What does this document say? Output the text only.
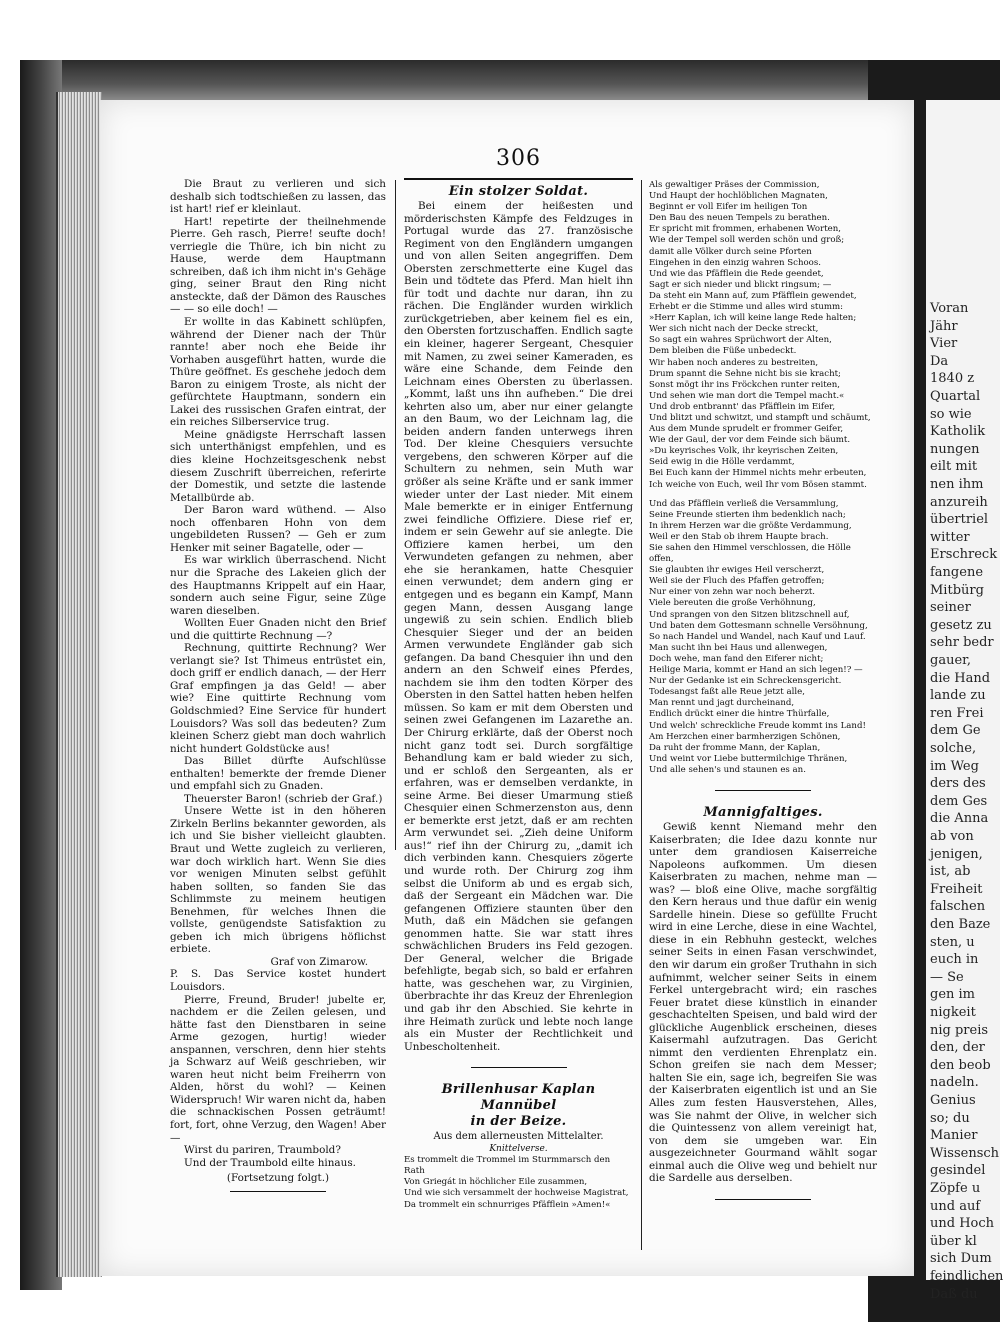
Voran
Jähr
Vier
Da
1840 z
Quartal
so wie
Katholik
nungen
eilt mit
nen ihm
anzureih
übertriel
witter
Erschreck
fangene
Mitbürg
seiner
gesetz zu
sehr bedr
gauer,
die Hand
lande zu
ren Frei
dem Ge
solche,
im Weg
ders des
dem Ges
die Anna
ab von
jenigen,
ist, ab
Freiheit
falschen
den Baze
sten, u
euch in
— Se
gen im
nigkeit
nig preis
den, der
den beob
nadeln.
Genius
so; du
Manier
Wissensch
gesindel
Zöpfe u
und auf
und Hoch
über kl
sich Dum
feindlichen
Daß du
306

Die Braut zu verlieren und sich deshalb sich todtschießen zu lassen, das ist hart! rief er kleinlaut.

Hart! repetirte der theilnehmende Pierre. Geh rasch, Pierre! seufte doch! verriegle die Thüre, ich bin nicht zu Hause, werde dem Hauptmann schreiben, daß ich ihm nicht in's Gehäge ging, seiner Braut den Ring nicht ansteckte, daß der Dämon des Rausches — — so eile doch! —

Er wollte in das Kabinett schlüpfen, während der Diener nach der Thür rannte! aber noch ehe Beide ihr Vorhaben ausgeführt hatten, wurde die Thüre geöffnet. Es geschehe jedoch dem Baron zu einigem Troste, als nicht der gefürchtete Hauptmann, sondern ein Lakei des russischen Grafen eintrat, der ein reiches Silberservice trug.

Meine gnädigste Herrschaft lassen sich unterthänigst empfehlen, und es dies kleine Hochzeitsgeschenk nebst diesem Zuschrift überreichen, referirte der Domestik, und setzte die lastende Metallbürde ab.

Der Baron ward wüthend. — Also noch offenbaren Hohn von dem ungebildeten Russen? — Geh er zum Henker mit seiner Bagatelle, oder —

Es war wirklich überraschend. Nicht nur die Sprache des Lakeien glich der des Hauptmanns Krippelt auf ein Haar, sondern auch seine Figur, seine Züge waren dieselben.

Wollten Euer Gnaden nicht den Brief und die quittirte Rechnung —?

Rechnung, quittirte Rechnung? Wer verlangt sie? Ist Thimeus entrüstet ein, doch griff er endlich danach, — der Herr Graf empfingen ja das Geld! — aber wie? Eine quittirte Rechnung vom Goldschmied? Eine Service für hundert Louisdors? Was soll das bedeuten? Zum kleinen Scherz giebt man doch wahrlich nicht hundert Goldstücke aus!

Das Billet dürfte Aufschlüsse enthalten! bemerkte der fremde Diener und empfahl sich zu Gnaden.

Theuerster Baron! (schrieb der Graf.)

Unsere Wette ist in den höheren Zirkeln Berlins bekannter geworden, als ich und Sie bisher vielleicht glaubten. Braut und Wette zugleich zu verlieren, war doch wirklich hart. Wenn Sie dies vor wenigen Minuten selbst gefühlt haben sollten, so fanden Sie das Schlimmste zu meinem heutigen Benehmen, für welches Ihnen die vollste, genügendste Satisfaktion zu geben ich mich übrigens höflichst erbiete.

Graf von Zimarow.

P. S. Das Service kostet hundert Louisdors.

Pierre, Freund, Bruder! jubelte er, nachdem er die Zeilen gelesen, und hätte fast den Dienstbaren in seine Arme gezogen, hurtig! wieder anspannen, verschren, denn hier stehts ja Schwarz auf Weiß geschrieben, wir waren heut nicht beim Freiherrn von Alden, hörst du wohl? — Keinen Widerspruch! Wir waren nicht da, haben die schnackischen Possen geträumt! fort, fort, ohne Verzug, den Wagen! Aber —

Wirst du pariren, Traumbold?

Und der Traumbold eilte hinaus.

(Fortsetzung folgt.)

Ein stolzer Soldat.

Bei einem der heißesten und mörderischsten Kämpfe des Feldzuges in Portugal wurde das 27. französische Regiment von den Engländern umgangen und von allen Seiten angegriffen. Dem Obersten zerschmetterte eine Kugel das Bein und tödtete das Pferd. Man hielt ihn für todt und dachte nur daran, ihn zu rächen. Die Engländer wurden wirklich zurückgetrieben, aber keinem fiel es ein, den Obersten fortzuschaffen. Endlich sagte ein kleiner, hagerer Sergeant, Chesquier mit Namen, zu zwei seiner Kameraden, es wäre eine Schande, dem Feinde den Leichnam eines Obersten zu überlassen. „Kommt, laßt uns ihn aufheben.“ Die drei kehrten also um, aber nur einer gelangte an den Baum, wo der Leichnam lag, die beiden andern fanden unterwegs ihren Tod. Der kleine Chesquiers versuchte vergebens, den schweren Körper auf die Schultern zu nehmen, sein Muth war größer als seine Kräfte und er sank immer wieder unter der Last nieder. Mit einem Male bemerkte er in einiger Entfernung zwei feindliche Offiziere. Diese rief er, indem er sein Gewehr auf sie anlegte. Die Offiziere kamen herbei, um den Verwundeten gefangen zu nehmen, aber ehe sie herankamen, hatte Chesquier einen verwundet; dem andern ging er entgegen und es begann ein Kampf, Mann gegen Mann, dessen Ausgang lange ungewiß zu sein schien. Endlich blieb Chesquier Sieger und der an beiden Armen verwundete Engländer gab sich gefangen. Da band Chesquier ihn und den andern an den Schweif eines Pferdes, nachdem sie ihm den todten Körper des Obersten in den Sattel hatten heben helfen müssen. So kam er mit dem Obersten und seinen zwei Gefangenen im Lazarethe an. Der Chirurg erklärte, daß der Oberst noch nicht ganz todt sei. Durch sorgfältige Behandlung kam er bald wieder zu sich, und er schloß den Sergeanten, als er erfahren, was er demselben verdankte, in seine Arme. Bei dieser Umarmung stieß Chesquier einen Schmerzenston aus, denn er bemerkte erst jetzt, daß er am rechten Arm verwundet sei. „Zieh deine Uniform aus!“ rief ihn der Chirurg zu, „damit ich dich verbinden kann. Chesquiers zögerte und wurde roth. Der Chirurg zog ihm selbst die Uniform ab und es ergab sich, daß der Sergeant ein Mädchen war. Die gefangenen Offiziere staunten über den Muth, daß ein Mädchen sie gefangen genommen hatte. Sie war statt ihres schwächlichen Bruders ins Feld gezogen. Der General, welcher die Brigade befehligte, begab sich, so bald er erfahren hatte, was geschehen war, zu Virginien, überbrachte ihr das Kreuz der Ehrenlegion und gab ihr den Abschied. Sie kehrte in ihre Heimath zurück und lebte noch lange als ein Muster der Rechtlichkeit und Unbescholtenheit.

Brillenhusar Kaplan Mannübel

in der Beize.

Aus dem allerneusten Mittelalter.

Knittelverse.

Es trommelt die Trommel im Sturmmarsch den Rath

Von Griegát in höchlicher Eile zusammen,

Und wie sich versammelt der hochweise Magistrat,

Da trommelt ein schnurriges Pfäfflein »Amen!«

Als gewaltiger Präses der Commission,

Und Haupt der hochlöblichen Magnaten,

Beginnt er voll Eifer im heiligen Ton

Den Bau des neuen Tempels zu berathen.

Er spricht mit frommen, erhabenen Worten,

Wie der Tempel soll werden schön und groß;

damit alle Völker durch seine Pforten

Eingehen in den einzig wahren Schoos.

Und wie das Pfäfflein die Rede geendet,

Sagt er sich nieder und blickt ringsum; —

Da steht ein Mann auf, zum Pfäfflein gewendet,

Erhebt er die Stimme und alles wird stumm:

»Herr Kaplan, ich will keine lange Rede halten;

Wer sich nicht nach der Decke streckt,

So sagt ein wahres Sprüchwort der Alten,

Dem bleiben die Füße unbedeckt.

Wir haben noch anderes zu bestreiten,

Drum spannt die Sehne nicht bis sie kracht;

Sonst mögt ihr ins Fröckchen runter reiten,

Und sehen wie man dort die Tempel macht.«

Und drob entbrannt' das Pfäfflein im Eifer,

Und blitzt und schwitzt, und stampft und schäumt,

Aus dem Munde sprudelt er frommer Geifer,

Wie der Gaul, der vor dem Feinde sich bäumt.

»Du keyrisches Volk, ihr keyrischen Zeiten,

Seid ewig in die Hölle verdammt,

Bei Euch kann der Himmel nichts mehr erbeuten,

Ich weiche von Euch, weil Ihr vom Bösen stammt.

Und das Pfäfflein verließ die Versammlung,

Seine Freunde stierten ihm bedenklich nach;

In ihrem Herzen war die größte Verdammung,

Weil er den Stab ob ihrem Haupte brach.

Sie sahen den Himmel verschlossen, die Hölle offen,

Sie glaubten ihr ewiges Heil verscherzt,

Weil sie der Fluch des Pfaffen getroffen;

Nur einer von zehn war noch beherzt.

Viele bereuten die große Verhöhnung,

Und sprangen von den Sitzen blitzschnell auf,

Und baten dem Gottesmann schnelle Versöhnung,

So nach Handel und Wandel, nach Kauf und Lauf.

Man sucht ihn bei Haus und allenwegen,

Doch wehe, man fand den Eiferer nicht;

Heilige Maria, kommt er Hand an sich legen!? —

Nur der Gedanke ist ein Schreckensgericht.

Todesangst faßt alle Reue jetzt alle,

Man rennt und jagt durcheinand,

Endlich drückt einer die hintre Thürfalle,

Und welch' schreckliche Freude kommt ins Land!

Am Herzchen einer barmherzigen Schönen,

Da ruht der fromme Mann, der Kaplan,

Und weint vor Liebe buttermilchige Thränen,

Und alle sehen's und staunen es an.

Mannigfaltiges.

Gewiß kennt Niemand mehr den Kaiserbraten; die Idee dazu konnte nur unter dem grandiosen Kaiserreiche Napoleons aufkommen. Um diesen Kaiserbraten zu machen, nehme man — was? — bloß eine Olive, mache sorgfältig den Kern heraus und thue dafür ein wenig Sardelle hinein. Diese so gefüllte Frucht wird in eine Lerche, diese in eine Wachtel, diese in ein Rebhuhn gesteckt, welches seiner Seits in einen Fasan verschwindet, den wir darum ein großer Truthahn in sich aufnimmt, welcher seiner Seits in einem Ferkel untergebracht wird; ein rasches Feuer bratet diese künstlich in einander geschachtelten Speisen, und bald wird der glückliche Augenblick erscheinen, dieses Kaisermahl aufzutragen. Das Gericht nimmt den verdienten Ehrenplatz ein. Schon greifen sie nach dem Messer; halten Sie ein, sage ich, begreifen Sie was der Kaiserbraten eigentlich ist und an Sie Alles zum festen Hausverstehen, Alles, was Sie nahmt der Olive, in welcher sich die Quintessenz von allem vereinigt hat, von dem sie umgeben war. Ein ausgezeichneter Gourmand wählt sogar einmal auch die Olive weg und behielt nur die Sardelle aus derselben.
